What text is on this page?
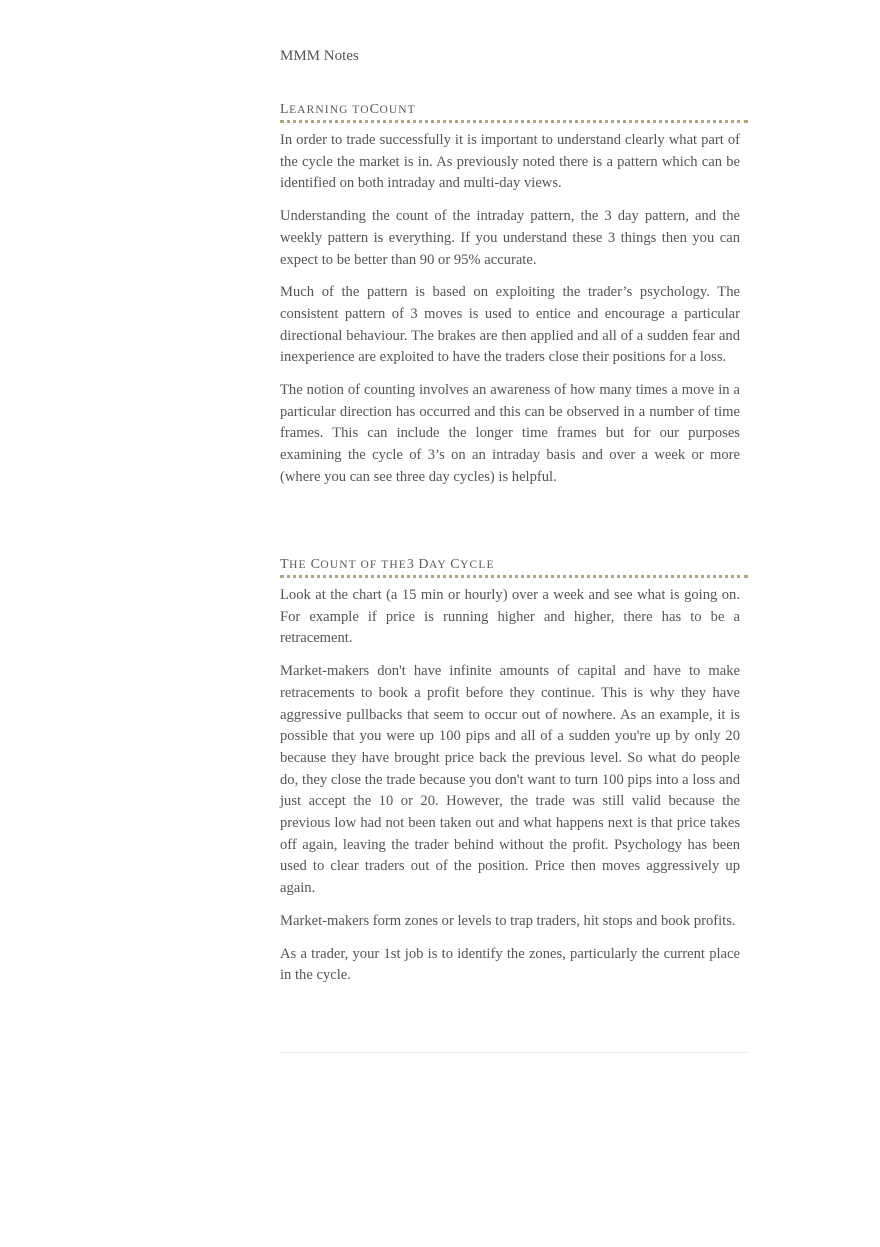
MMM Notes
LEARNING TOCOUNT

In order to trade successfully it is important to understand clearly what part of the cycle the market is in. As previously noted there is a pattern which can be identified on both intraday and multi-day views.

Understanding the count of the intraday pattern, the 3 day pattern, and the weekly pattern is everything. If you understand these 3 things then you can expect to be better than 90 or 95% accurate.

Much of the pattern is based on exploiting the trader’s psychology. The consistent pattern of 3 moves is used to entice and encourage a particular directional behaviour. The brakes are then applied and all of a sudden fear and inexperience are exploited to have the traders close their positions for a loss.

The notion of counting involves an awareness of how many times a move in a particular direction has occurred and this can be observed in a number of time frames. This can include the longer time frames but for our purposes examining the cycle of 3’s on an intraday basis and over a week or more (where you can see three day cycles) is helpful.

THE COUNT OF THE3 DAY CYCLE

Look at the chart (a 15 min or hourly) over a week and see what is going on. For example if price is running higher and higher, there has to be a retracement.

Market-makers don't have infinite amounts of capital and have to make retracements to book a profit before they continue. This is why they have aggressive pullbacks that seem to occur out of nowhere. As an example, it is possible that you were up 100 pips and all of a sudden you're up by only 20 because they have brought price back the previous level. So what do people do, they close the trade because you don't want to turn 100 pips into a loss and just accept the 10 or 20. However, the trade was still valid because the previous low had not been taken out and what happens next is that price takes off again, leaving the trader behind without the profit. Psychology has been used to clear traders out of the position. Price then moves aggressively up again.

Market-makers form zones or levels to trap traders, hit stops and book profits.

As a trader, your 1st job is to identify the zones, particularly the current place in the cycle.
